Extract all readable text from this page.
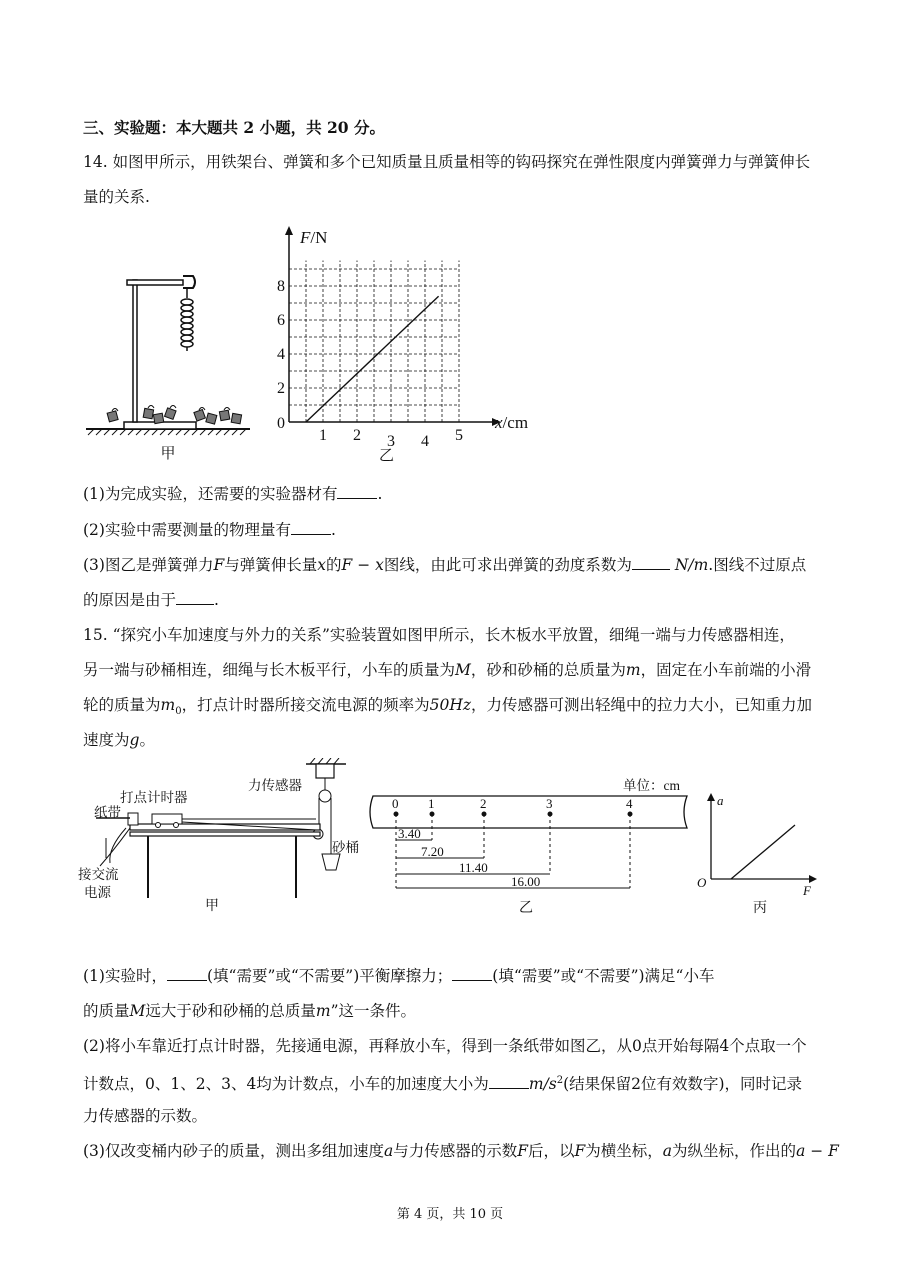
三、实验题：本大题共 2 小题，共 20 分。
14. 如图甲所示，用铁架台、弹簧和多个已知质量且质量相等的钩码探究在弹性限度内弹簧弹力与弹簧伸长
量的关系.
甲
2
4
6
8
1 2 3 4 5
F/N
x/cm
0
乙
(1)为完成实验，还需要的实验器材有	.
(2)实验中需要测量的物理量有	.
(3)图乙是弹簧弹力F与弹簧伸长量x的F − x图线，由此可求出弹簧的劲度系数为	N/m.图线不过原点
的原因是由于 .
15. “探究小车加速度与外力的关系”实验装置如图甲所示，长木板水平放置，细绳一端与力传感器相连，
另一端与砂桶相连，细绳与长木板平行，小车的质量为M，砂和砂桶的总质量为m，固定在小车前端的小滑
轮的质量为$m_0$，打点计时器所接交流电源的频率为50Hz，力传感器可测出轻绳中的拉力大小，已知重力加
速度为g。
打点计时器
纸带
接交流
电源
力传感器
砂桶
甲
单位：cm
0 1	2	3	4
3.40
7.20
11.40
16.00
乙
a
F
O
丙
(1)实验时，	(填“需要”或“不需要”)平衡摩擦力；	(填“需要”或“不需要”)满足“小车
的质量M远大于砂和砂桶的总质量m”这一条件。
(2)将小车靠近打点计时器，先接通电源，再释放小车，得到一条纸带如图乙，从0点开始每隔4个点取一个
计数点，0、1、2、3、4均为计数点，小车的加速度大小为	$m/s^2$(结果保留2位有效数字)，同时记录
力传感器的示数。
(3)仅改变桶内砂子的质量，测出多组加速度a与力传感器的示数F后，以F为横坐标，a为纵坐标，作出的a − F
第 4 页，共 10 页
